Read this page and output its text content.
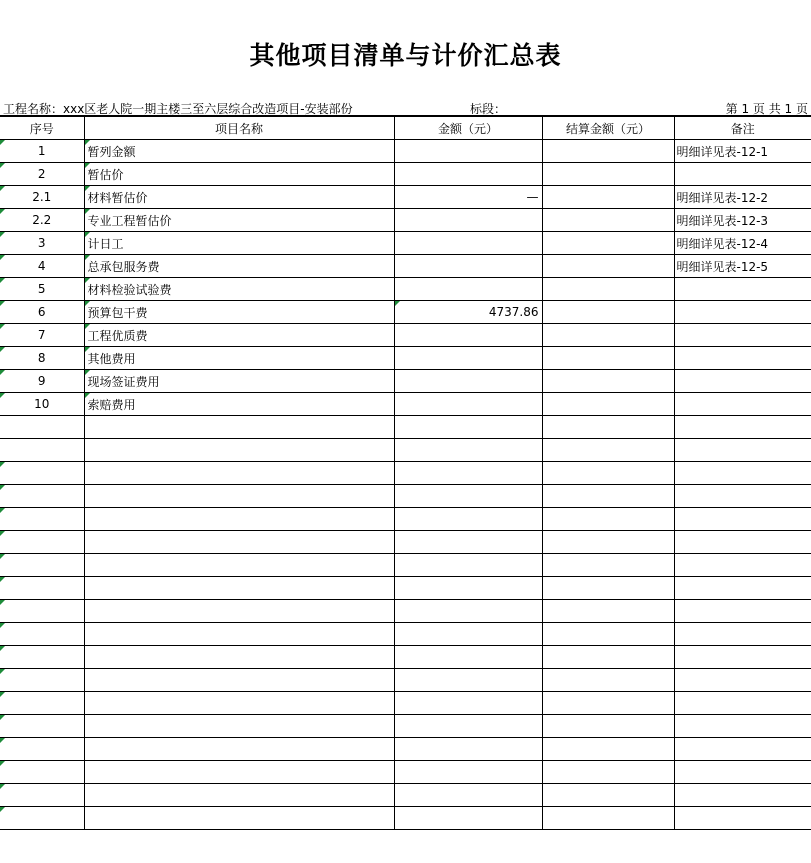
其他项目清单与计价汇总表
工程名称：xxx区老人院一期主楼三至六层综合改造项目-安装部份	标段：	第 1 页 共 1 页
序号	项目名称	金额（元）	结算金额（元）	备注
1	暂列金额			明细详见表-12-1
2	暂估价			
2.1	材料暂估价	—		明细详见表-12-2
2.2	专业工程暂估价			明细详见表-12-3
3	计日工			明细详见表-12-4
4	总承包服务费			明细详见表-12-5
5	材料检验试验费			
6	预算包干费	4737.86		
7	工程优质费			
8	其他费用			
9	现场签证费用			
10	索赔费用			
